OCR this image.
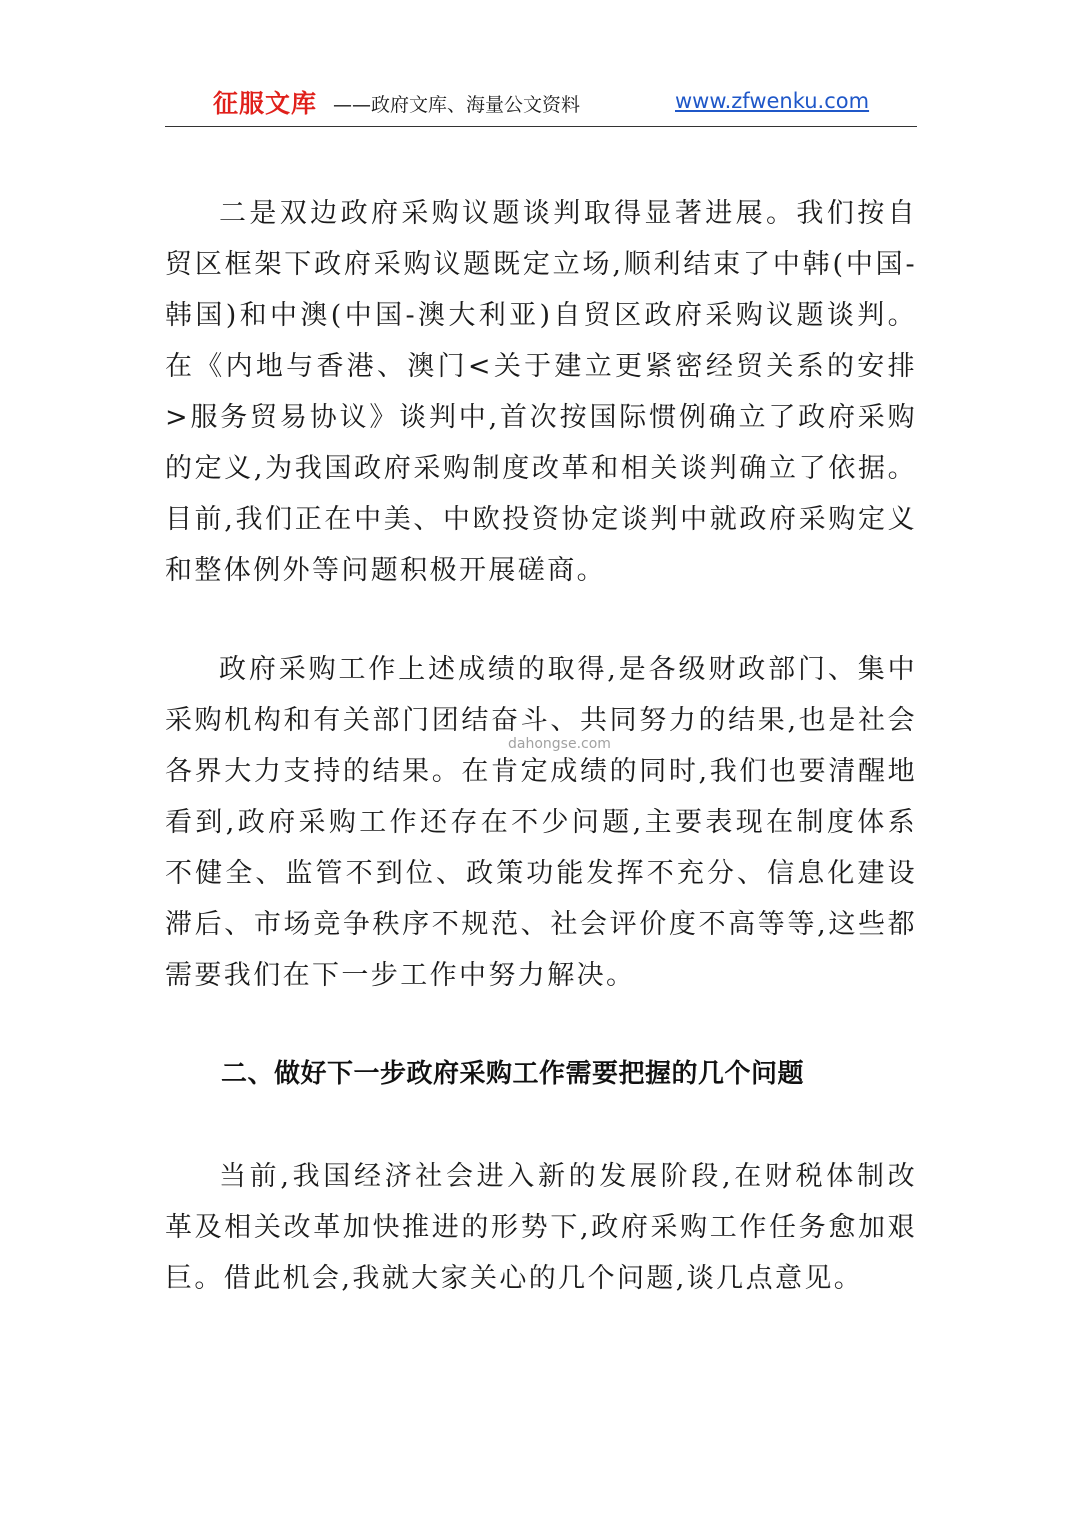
征服文库 ——政府文库、海量公文资料	www.zfwenku.com

二是双边政府采购议题谈判取得显著进展。我们按自贸区框架下政府采购议题既定立场,顺利结束了中韩(中国-韩国)和中澳(中国-澳大利亚)自贸区政府采购议题谈判。在《内地与香港、澳门<关于建立更紧密经贸关系的安排>服务贸易协议》谈判中,首次按国际惯例确立了政府采购的定义,为我国政府采购制度改革和相关谈判确立了依据。目前,我们正在中美、中欧投资协定谈判中就政府采购定义和整体例外等问题积极开展磋商。

政府采购工作上述成绩的取得,是各级财政部门、集中采购机构和有关部门团结奋斗、共同努力的结果,也是社会各界大力支持的结果。在肯定成绩的同时,我们也要清醒地看到,政府采购工作还存在不少问题,主要表现在制度体系不健全、监管不到位、政策功能发挥不充分、信息化建设滞后、市场竞争秩序不规范、社会评价度不高等等,这些都需要我们在下一步工作中努力解决。

dahongse.com
二、做好下一步政府采购工作需要把握的几个问题

当前,我国经济社会进入新的发展阶段,在财税体制改革及相关改革加快推进的形势下,政府采购工作任务愈加艰巨。借此机会,我就大家关心的几个问题,谈几点意见。
